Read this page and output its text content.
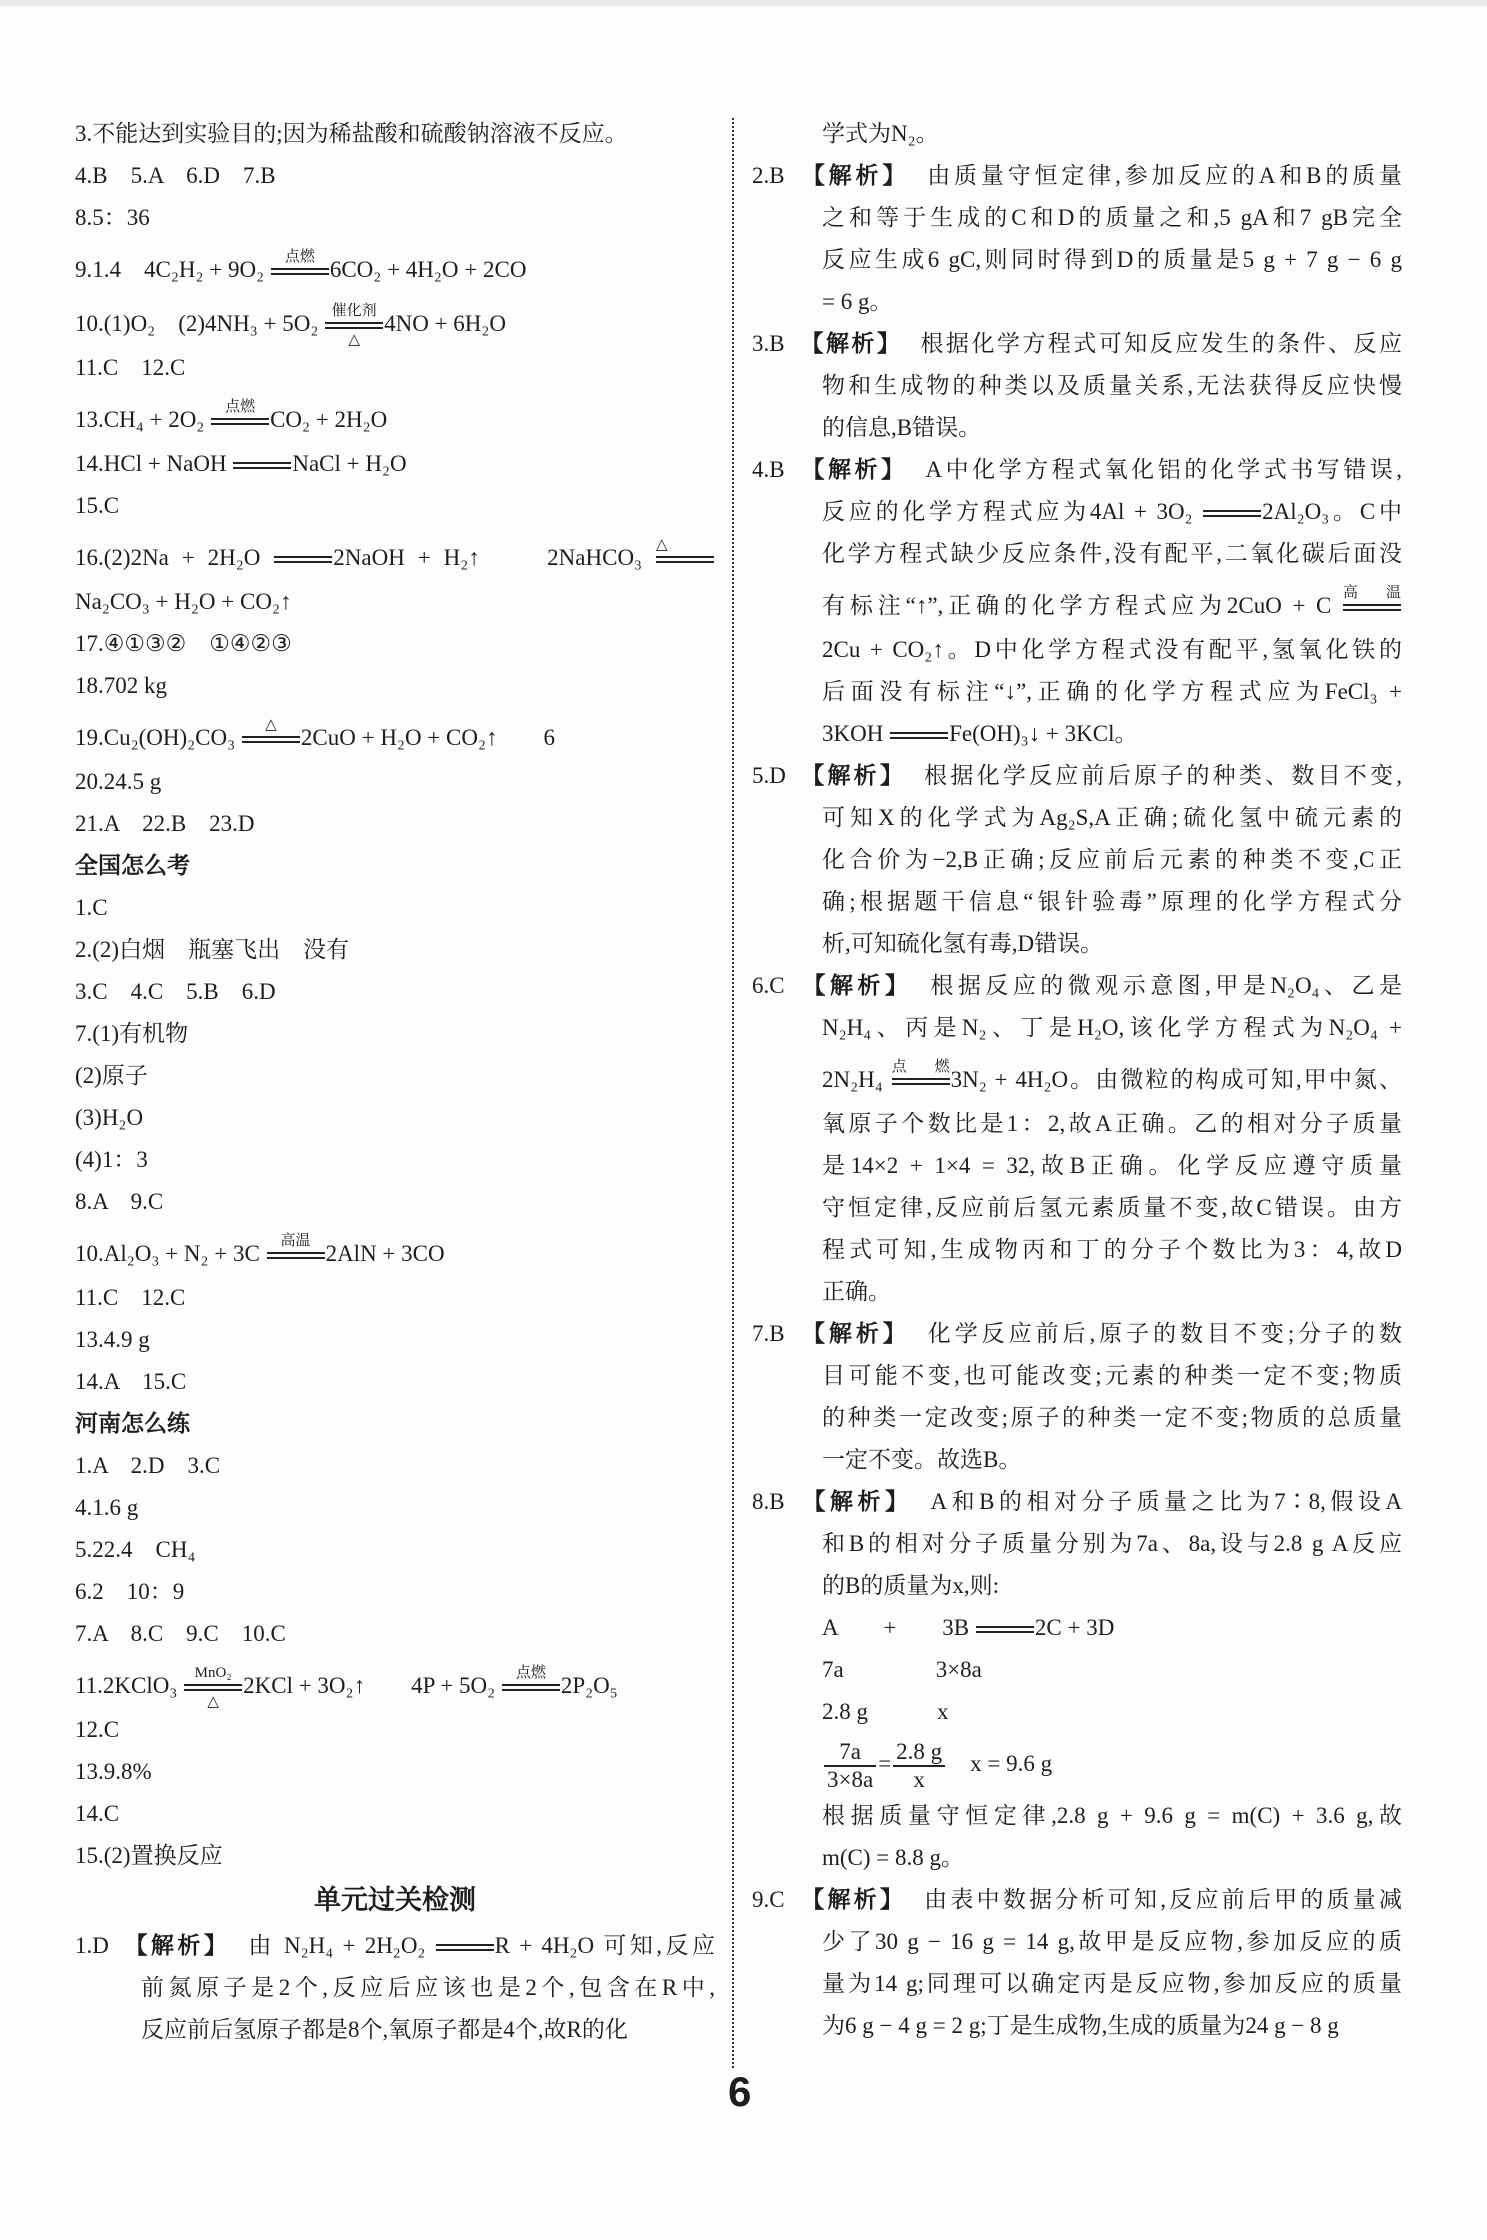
3.不能达到实验目的;因为稀盐酸和硫酸钠溶液不反应。
4.B　5.A　6.D　7.B
8.5：36
9.1.4　4C₂H₂ + 9O₂ 点燃 6CO₂ + 4H₂O + 2CO
10.(1)O₂　(2)4NH₃ + 5O₂ 催化剂
△
4NO + 6H₂O
11.C　12.C
13.CH₄ + 2O₂ 点燃 CO₂ + 2H₂O
14.HCl + NaOH	NaCl + H₂O
15.C
16.(2)2Na + 2H₂O	2NaOH + H₂↑　　2NaHCO₃ △
Na₂CO₃ + H₂O + CO₂↑
17.④①③②　①④②③
18.702 kg
19.Cu₂(OH)₂CO₃	△	2CuO + H₂O + CO₂↑　　6
20.24.5 g
21.A　22.B　23.D
全国怎么考
1.C
2.(2)白烟　瓶塞飞出　没有
3.C　4.C　5.B　6.D
7.(1)有机物
(2)原子
(3)H₂O
(4)1：3
8.A　9.C
10.Al₂O₃ + N₂ + 3C 高温 2AlN + 3CO
11.C　12.C
13.4.9 g
14.A　15.C
河南怎么练
1.A　2.D　3.C
4.1.6 g
5.22.4　CH₄
6.2　10：9
7.A　8.C　9.C　10.C
11.2KClO₃ MnO₂
△
2KCl + 3O₂↑　　4P + 5O₂ 点燃 2P₂O₅
12.C
13.9.8%
14.C
15.(2)置换反应
单元过关检测
1.D 【解析】 由 N₂H₄ + 2H₂O₂	R + 4H₂O 可知,反应
前氮原子是2个,反应后应该也是2个,包含在R中,
反应前后氢原子都是8个,氧原子都是4个,故R的化
学式为N₂。
2.B 【解析】 由质量守恒定律,参加反应的A和B的质量
之和等于生成的C和D的质量之和,5 gA和7 gB完全
反应生成6 gC,则同时得到D的质量是5 g + 7 g − 6 g
= 6 g。
3.B 【解析】 根据化学方程式可知反应发生的条件、反应
物和生成物的种类以及质量关系,无法获得反应快慢
的信息,B错误。
4.B 【解析】 A中化学方程式氧化铝的化学式书写错误,
反应的化学方程式应为4Al + 3O₂	2Al₂O₃。C中
化学方程式缺少反应条件,没有配平,二氧化碳后面没
有标注“↑”,正确的化学方程式应为2CuO + C 高温
2Cu + CO₂↑。D中化学方程式没有配平,氢氧化铁的
后面没有标注“↓”,正确的化学方程式应为FeCl₃ +
3KOH	Fe(OH)₃↓ + 3KCl。
5.D 【解析】 根据化学反应前后原子的种类、数目不变,
可知X的化学式为Ag₂S,A正确;硫化氢中硫元素的
化合价为−2,B正确;反应前后元素的种类不变,C正
确;根据题干信息“银针验毒”原理的化学方程式分
析,可知硫化氢有毒,D错误。
6.C 【解析】 根据反应的微观示意图,甲是N₂O₄、乙是
N₂H₄、丙是N₂、丁是H₂O,该化学方程式为N₂O₄ +
2N₂H₄ 点燃 3N₂ + 4H₂O。由微粒的构成可知,甲中氮、
氧原子个数比是1：2,故A正确。乙的相对分子质量
是14×2 + 1×4 = 32,故B正确。化学反应遵守质量
守恒定律,反应前后氢元素质量不变,故C错误。由方
程式可知,生成物丙和丁的分子个数比为3：4,故D
正确。
7.B 【解析】 化学反应前后,原子的数目不变;分子的数
目可能不变,也可能改变;元素的种类一定不变;物质
的种类一定改变;原子的种类一定不变;物质的总质量
一定不变。故选B。
8.B 【解析】 A和B的相对分子质量之比为7∶8,假设A
和B的相对分子质量分别为7a、8a,设与2.8 g A反应
的B的质量为x,则:
A　　+　　3B	2C + 3D
7a　　　　3×8a
2.8 g　　　x
$\frac{7a}{3\times 8a} = \frac{2.8 g}{x}$ 　x = 9.6 g
根据质量守恒定律,2.8 g + 9.6 g = m(C) + 3.6 g,故
m(C) = 8.8 g。
9.C 【解析】 由表中数据分析可知,反应前后甲的质量减
少了30 g − 16 g = 14 g,故甲是反应物,参加反应的质
量为14 g;同理可以确定丙是反应物,参加反应的质量
为6 g − 4 g = 2 g;丁是生成物,生成的质量为24 g − 8 g
6
